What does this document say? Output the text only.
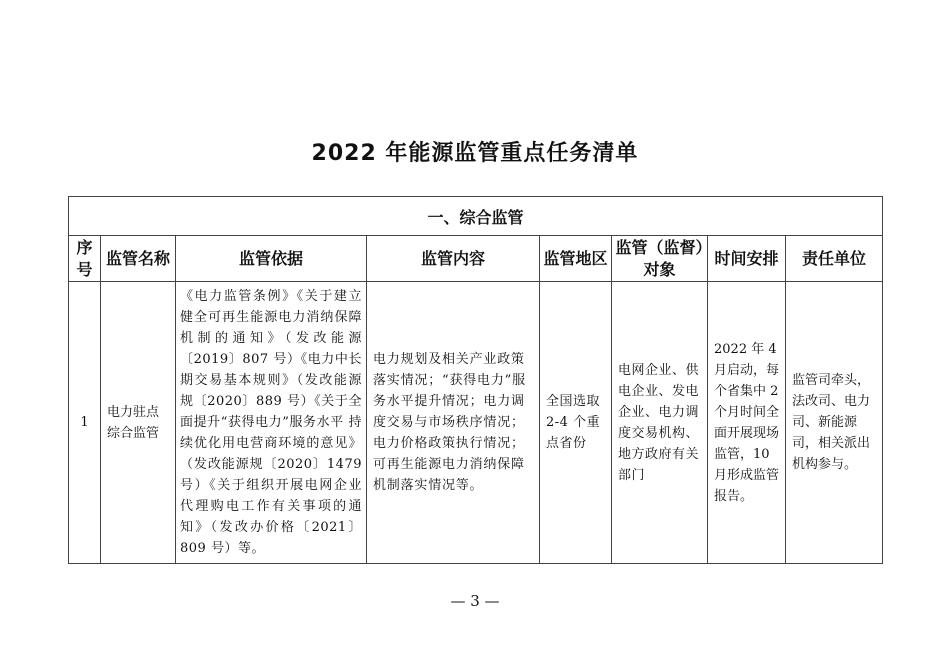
2022 年能源监管重点任务清单
一、综合监管							
序号	监管名称	监管依据	监管内容	监管地区	监管（监督）对象	时间安排	责任单位
1	电力驻点综合监管	《电力监管条例》《关于建立健全可再生能源电力消纳保障机制的通知》（发改能源〔2019〕807 号）《电力中长期交易基本规则》（发改能源规〔2020〕889 号）《关于全面提升“获得电力”服务水平 持续优化用电营商环境的意见》（发改能源规〔2020〕1479 号）《关于组织开展电网企业代理购电工作有关事项的通知》（发改办价格〔2021〕809 号）等。	电力规划及相关产业政策落实情况；“获得电力”服务水平提升情况；电力调度交易与市场秩序情况；电力价格政策执行情况；可再生能源电力消纳保障机制落实情况等。	全国选取 2-4 个重点省份	电网企业、供电企业、发电企业、电力调度交易机构、地方政府有关部门	2022 年 4 月启动，每个省集中 2 个月时间全面开展现场监管，10 月形成监管报告。	监管司牵头，法改司、电力司、新能源司，相关派出机构参与。
— 3 —
